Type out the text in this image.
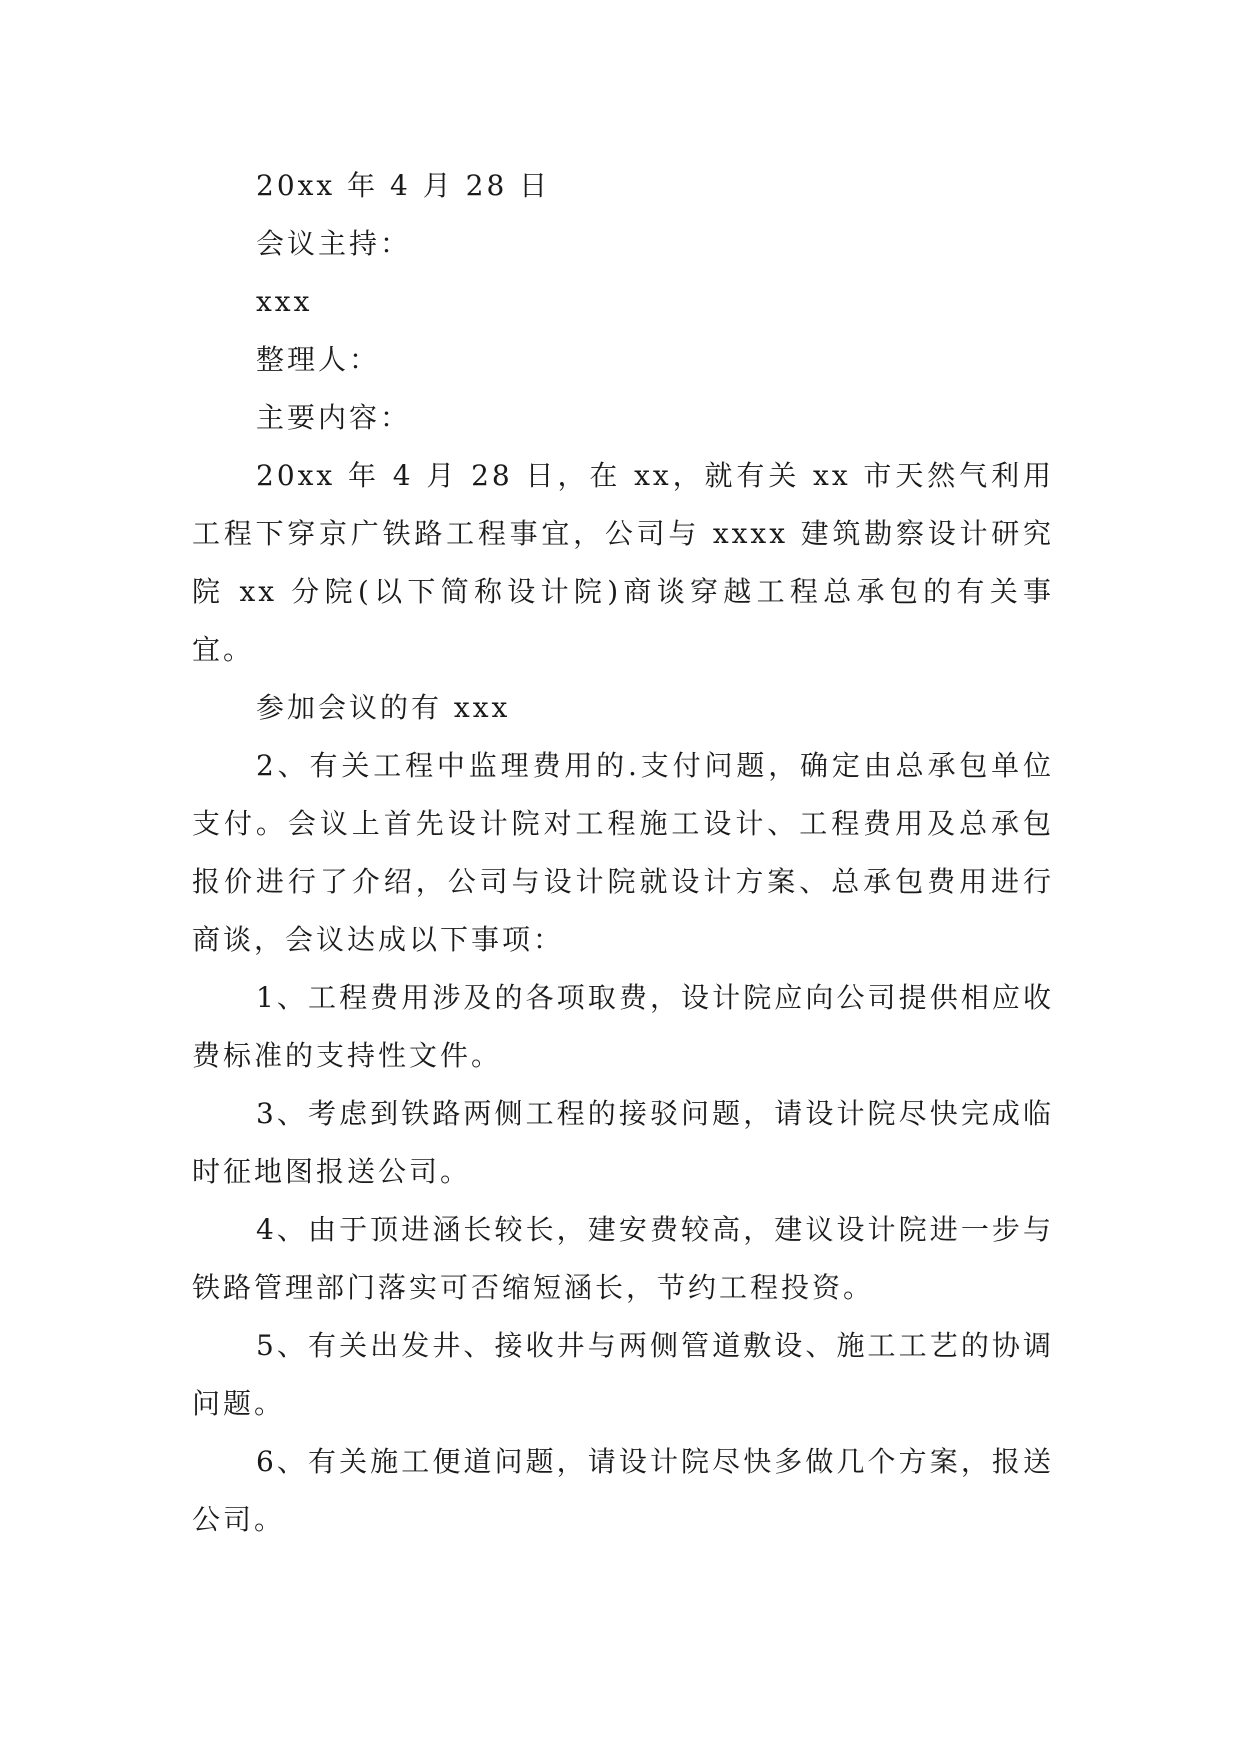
20xx 年 4 月 28 日

会议主持：

xxx

整理人：

主要内容：

20xx 年 4 月 28 日，在 xx，就有关 xx 市天然气利用工程下穿京广铁路工程事宜，公司与 xxxx 建筑勘察设计研究院 xx 分院(以下简称设计院)商谈穿越工程总承包的有关事宜。

参加会议的有 xxx

2、有关工程中监理费用的.支付问题，确定由总承包单位支付。会议上首先设计院对工程施工设计、工程费用及总承包报价进行了介绍，公司与设计院就设计方案、总承包费用进行商谈，会议达成以下事项：

1、工程费用涉及的各项取费，设计院应向公司提供相应收费标准的支持性文件。

3、考虑到铁路两侧工程的接驳问题，请设计院尽快完成临时征地图报送公司。

4、由于顶进涵长较长，建安费较高，建议设计院进一步与铁路管理部门落实可否缩短涵长，节约工程投资。

5、有关出发井、接收井与两侧管道敷设、施工工艺的协调问题。

6、有关施工便道问题，请设计院尽快多做几个方案，报送公司。
